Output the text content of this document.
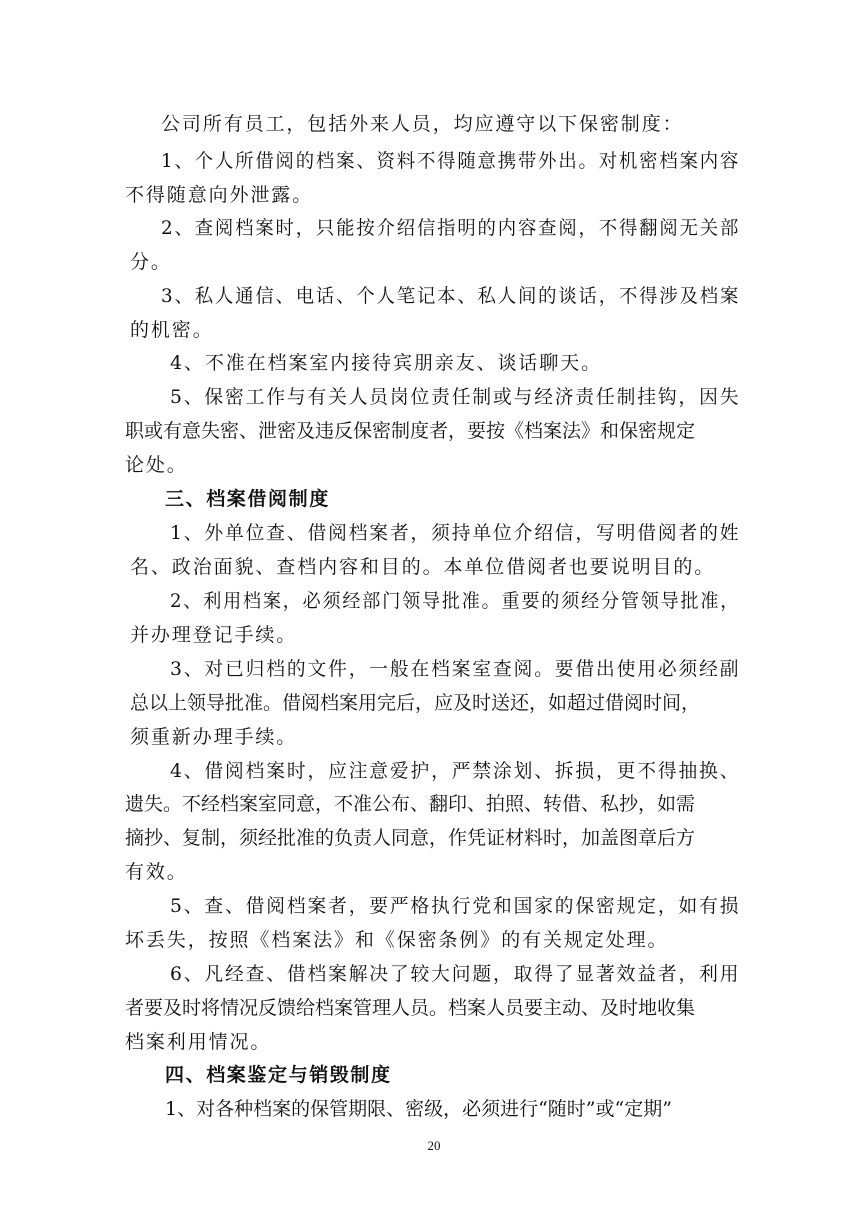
公司所有员工，包括外来人员，均应遵守以下保密制度：
1、个人所借阅的档案、资料不得随意携带外出。对机密档案内容
不得随意向外泄露。
2、查阅档案时，只能按介绍信指明的内容查阅，不得翻阅无关部
分。
3、私人通信、电话、个人笔记本、私人间的谈话，不得涉及档案
的机密。
4、不准在档案室内接待宾朋亲友、谈话聊天。
5、保密工作与有关人员岗位责任制或与经济责任制挂钩，因失
职或有意失密、泄密及违反保密制度者，要按《档案法》和保密规定
论处。
三、档案借阅制度
1、外单位查、借阅档案者，须持单位介绍信，写明借阅者的姓
名、政治面貌、查档内容和目的。本单位借阅者也要说明目的。
2、利用档案，必须经部门领导批准。重要的须经分管领导批准，
并办理登记手续。
3、对已归档的文件，一般在档案室查阅。要借出使用必须经副
总以上领导批准。借阅档案用完后，应及时送还，如超过借阅时间，
须重新办理手续。
4、借阅档案时，应注意爱护，严禁涂划、拆损，更不得抽换、
遗失。不经档案室同意，不准公布、翻印、拍照、转借、私抄，如需
摘抄、复制，须经批准的负责人同意，作凭证材料时，加盖图章后方
有效。
5、查、借阅档案者，要严格执行党和国家的保密规定，如有损
坏丢失，按照《档案法》和《保密条例》的有关规定处理。
6、凡经查、借档案解决了较大问题，取得了显著效益者，利用
者要及时将情况反馈给档案管理人员。档案人员要主动、及时地收集
档案利用情况。
四、档案鉴定与销毁制度
1、对各种档案的保管期限、密级，必须进行“随时”或“定期”
20
